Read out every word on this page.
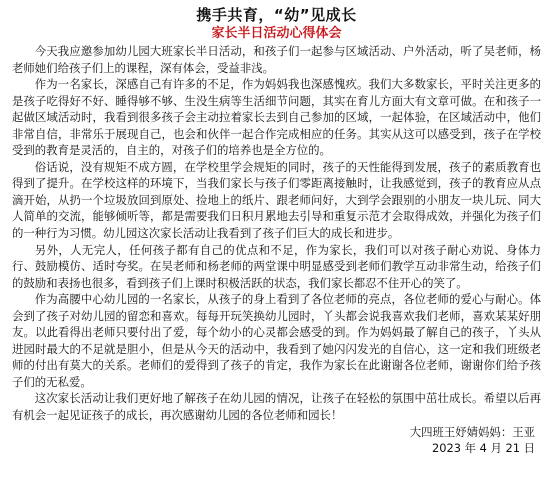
携手共育，“幼”见成长
家长半日活动心得体会

今天我应邀参加幼儿园大班家长半日活动，和孩子们一起参与区域活动、户外活动，听了吴老师，杨老师她们给孩子们上的课程，深有体会，受益非浅。

作为一名家长，深感自己有许多的不足，作为妈妈我也深感愧疚。我们大多数家长，平时关注更多的是孩子吃得好不好、睡得够不够、生没生病等生活细节问题，其实在育儿方面大有文章可做。在和孩子一起做区域活动时，我看到很多孩子会主动拉着家长去到自己参加的区域，一起体验，在区域活动中，他们非常自信，非常乐于展现自己，也会和伙伴一起合作完成相应的任务。其实从这可以感受到，孩子在学校受到的教育是灵活的，自主的，对孩子们的培养也是全方位的。

俗话说，没有规矩不成方圆，在学校里学会规矩的同时，孩子的天性能得到发展，孩子的素质教育也得到了提升。在学校这样的环境下，当我们家长与孩子们零距离接触时，让我感觉到，孩子的教育应从点滴开始，从扔一个垃圾放回到原处、捡地上的纸片、跟老师问好，大到学会跟别的小朋友一块儿玩、同大人简单的交流，能够倾听等，都是需要我们日积月累地去引导和重复示范才会取得成效，并强化为孩子们的一种行为习惯。幼儿园这次家长活动让我看到了孩子们巨大的成长和进步。

另外，人无完人，任何孩子都有自己的优点和不足，作为家长，我们可以对孩子耐心劝说、身体力行、鼓励模仿、适时夸奖。在吴老师和杨老师的两堂课中明显感受到老师们教学互动非常生动，给孩子们的鼓励和表扬也很多，看到孩子们上课时积极活跃的状态，我们家长都忍不住开心的笑了。

作为高腰中心幼儿园的一名家长，从孩子的身上看到了各位老师的亮点，各位老师的爱心与耐心。体会到了孩子对幼儿园的留恋和喜欢。每每开玩笑换幼儿园时，丫头都会说我喜欢我们老师，喜欢某某好朋友。以此看得出老师只要付出了爱，每个幼小的心灵都会感受的到。作为妈妈最了解自己的孩子，丫头从进园时最大的不足就是胆小，但是从今天的活动中，我看到了她闪闪发光的自信心，这一定和我们班级老师的付出有莫大的关系。老师们的爱得到了孩子的肯定，我作为家长在此谢谢各位老师，谢谢你们给予孩子们的无私爱。

这次家长活动让我们更好地了解孩子在幼儿园的情况，让孩子在轻松的氛围中茁壮成长。希望以后再有机会一起见证孩子的成长，再次感谢幼儿园的各位老师和园长！

大四班王妤婧妈妈：王亚

2023 年 4 月 21 日
